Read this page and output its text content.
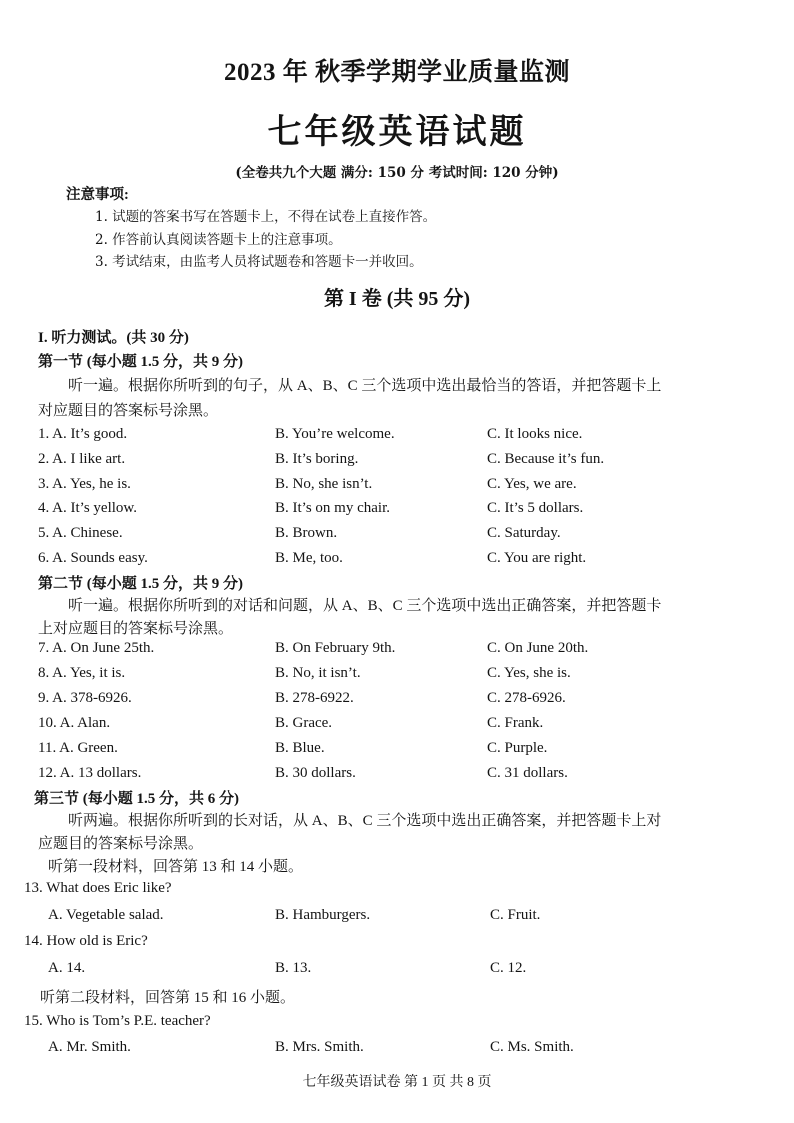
2023 年 秋季学期学业质量监测
七年级英语试题
(全卷共九个大题 满分: 150 分 考试时间: 120 分钟)
注意事项:
1. 试题的答案书写在答题卡上，不得在试卷上直接作答。
2. 作答前认真阅读答题卡上的注意事项。
3. 考试结束，由监考人员将试题卷和答题卡一并收回。
第 I 卷 (共 95 分)
I. 听力测试。(共 30 分)
第一节 (每小题 1.5 分，共 9 分)
听一遍。根据你所听到的句子，从 A、B、C 三个选项中选出最恰当的答语，并把答题卡上
对应题目的答案标号涂黑。
1. A. It’s good.	B. You’re welcome.	C. It looks nice.
2. A. I like art.	B. It’s boring.	C. Because it’s fun.
3. A. Yes, he is.	B. No, she isn’t.	C. Yes, we are.
4. A. It’s yellow.	B. It’s on my chair.	C. It’s 5 dollars.
5. A. Chinese.	B. Brown.	C. Saturday.
6. A. Sounds easy.	B. Me, too.	C. You are right.
第二节 (每小题 1.5 分，共 9 分)
听一遍。根据你所听到的对话和问题，从 A、B、C 三个选项中选出正确答案，并把答题卡
上对应题目的答案标号涂黑。
7. A. On June 25th.	B. On February 9th.	C. On June 20th.
8. A. Yes, it is.	B. No, it isn’t.	C. Yes, she is.
9. A. 378-6926.	B. 278-6922.	C. 278-6926.
10. A. Alan.	B. Grace.	C. Frank.
11. A. Green.	B. Blue.	C. Purple.
12. A. 13 dollars.	B. 30 dollars.	C. 31 dollars.
第三节 (每小题 1.5 分，共 6 分)
听两遍。根据你所听到的长对话，从 A、B、C 三个选项中选出正确答案，并把答题卡上对
应题目的答案标号涂黑。
听第一段材料，回答第 13 和 14 小题。
13. What does Eric like?
A. Vegetable salad.	B. Hamburgers.	C. Fruit.
14. How old is Eric?
A. 14.	B. 13.	C. 12.
听第二段材料，回答第 15 和 16 小题。
15. Who is Tom’s P.E. teacher?
A. Mr. Smith.	B. Mrs. Smith.	C. Ms. Smith.
七年级英语试卷 第 1 页 共 8 页
